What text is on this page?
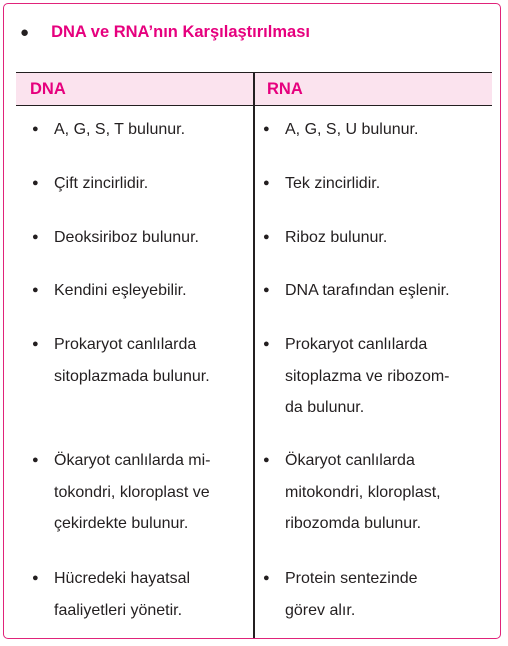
● DNA ve RNA’nın Karşılaştırılması
DNA	RNA
● A, G, S, T bulunur.
● Çift zincirlidir.
● Deoksiriboz bulunur.
● Kendini eşleyebilir.
● Prokaryot canlılarda
sitoplazmada bulunur.
● Ökaryot canlılarda mi-
tokondri, kloroplast ve
çekirdekte bulunur.
● Hücredeki hayatsal
faaliyetleri yönetir.
● A, G, S, U bulunur.
● Tek zincirlidir.
● Riboz bulunur.
● DNA tarafından eşlenir.
● Prokaryot canlılarda
sitoplazma ve ribozom-
da bulunur.
● Ökaryot canlılarda
mitokondri, kloroplast,
ribozomda bulunur.
● Protein sentezinde
görev alır.
